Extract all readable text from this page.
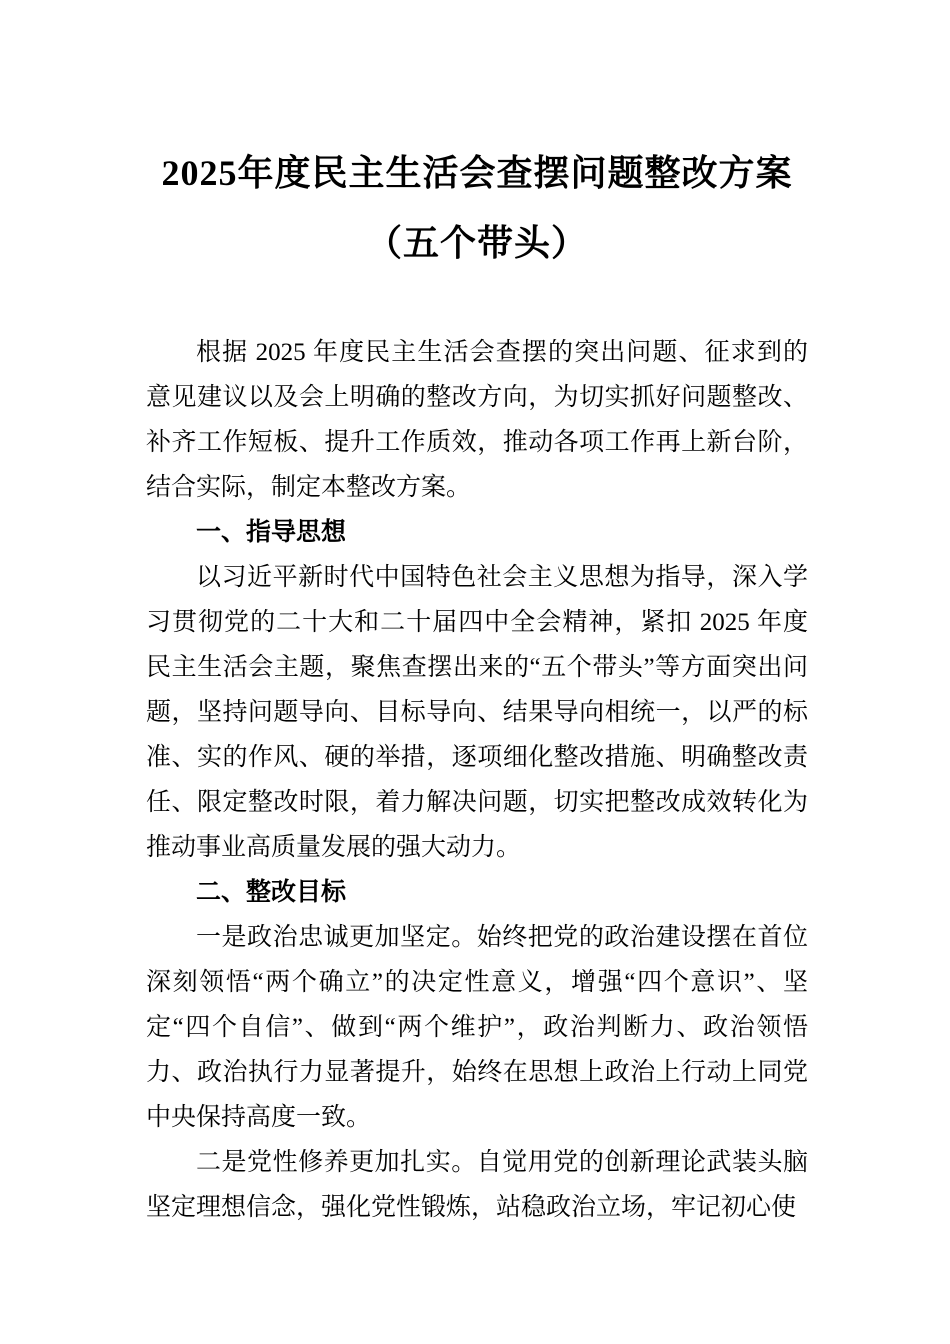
2025年度民主生活会查摆问题整改方案（五个带头）

根据 2025 年度民主生活会查摆的突出问题、征求到的意见建议以及会上明确的整改方向，为切实抓好问题整改、补齐工作短板、提升工作质效，推动各项工作再上新台阶，结合实际，制定本整改方案。

一、指导思想

以习近平新时代中国特色社会主义思想为指导，深入学习贯彻党的二十大和二十届四中全会精神，紧扣 2025 年度民主生活会主题，聚焦查摆出来的“五个带头”等方面突出问题，坚持问题导向、目标导向、结果导向相统一，以严的标准、实的作风、硬的举措，逐项细化整改措施、明确整改责任、限定整改时限，着力解决问题，切实把整改成效转化为推动事业高质量发展的强大动力。

二、整改目标

一是政治忠诚更加坚定。始终把党的政治建设摆在首位深刻领悟“两个确立”的决定性意义，增强“四个意识”、坚定“四个自信”、做到“两个维护”，政治判断力、政治领悟力、政治执行力显著提升，始终在思想上政治上行动上同党中央保持高度一致。

二是党性修养更加扎实。自觉用党的创新理论武装头脑坚定理想信念，强化党性锻炼，站稳政治立场，牢记初心使
